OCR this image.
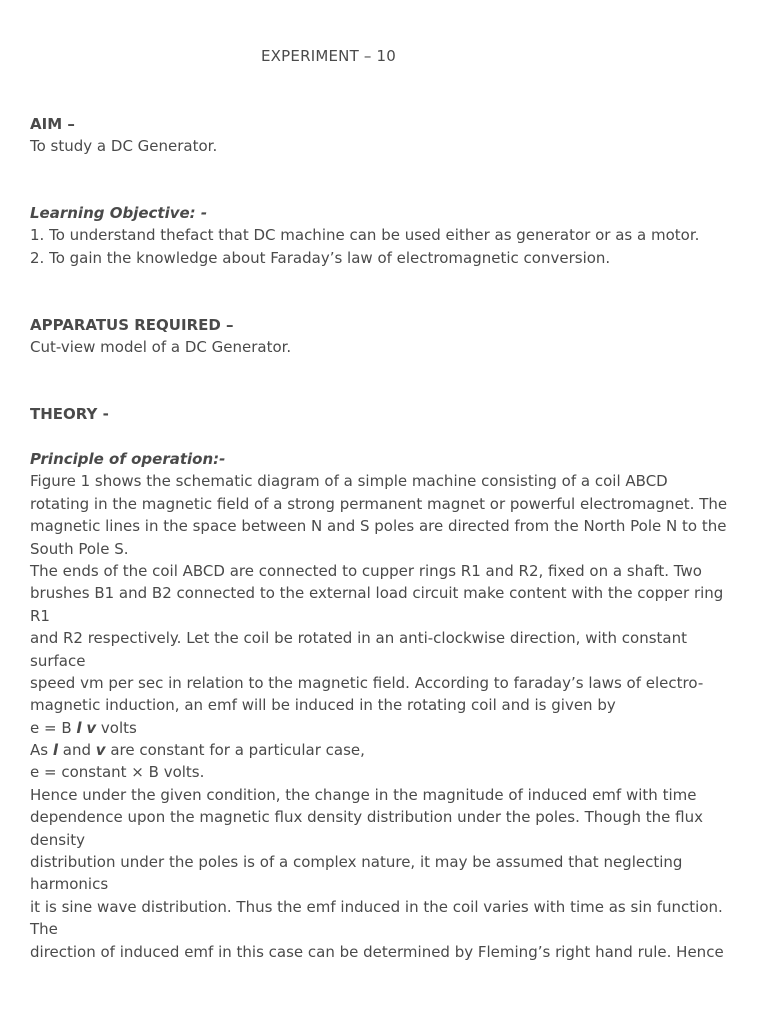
EXPERIMENT – 10
AIM –
To study a DC Generator.
Learning Objective: -
1. To understand thefact that DC machine can be used either as generator or as a motor.
2. To gain the knowledge about Faraday’s law of electromagnetic conversion.
APPARATUS REQUIRED –
Cut-view model of a DC Generator.
THEORY -
Principle of operation:-
Figure 1 shows the schematic diagram of a simple machine consisting of a coil ABCD
rotating in the magnetic field of a strong permanent magnet or powerful electromagnet. The
magnetic lines in the space between N and S poles are directed from the North Pole N to the
South Pole S.
The ends of the coil ABCD are connected to cupper rings R1 and R2, fixed on a shaft. Two
brushes B1 and B2 connected to the external load circuit make content with the copper ring
R1
and R2 respectively. Let the coil be rotated in an anti-clockwise direction, with constant
surface
speed vm per sec in relation to the magnetic field. According to faraday’s laws of electro-
magnetic induction, an emf will be induced in the rotating coil and is given by
e = B l v volts
As l and v are constant for a particular case,
e = constant × B volts.
Hence under the given condition, the change in the magnitude of induced emf with time
dependence upon the magnetic flux density distribution under the poles. Though the flux
density
distribution under the poles is of a complex nature, it may be assumed that neglecting
harmonics
it is sine wave distribution. Thus the emf induced in the coil varies with time as sin function.
The
direction of induced emf in this case can be determined by Fleming’s right hand rule. Hence
